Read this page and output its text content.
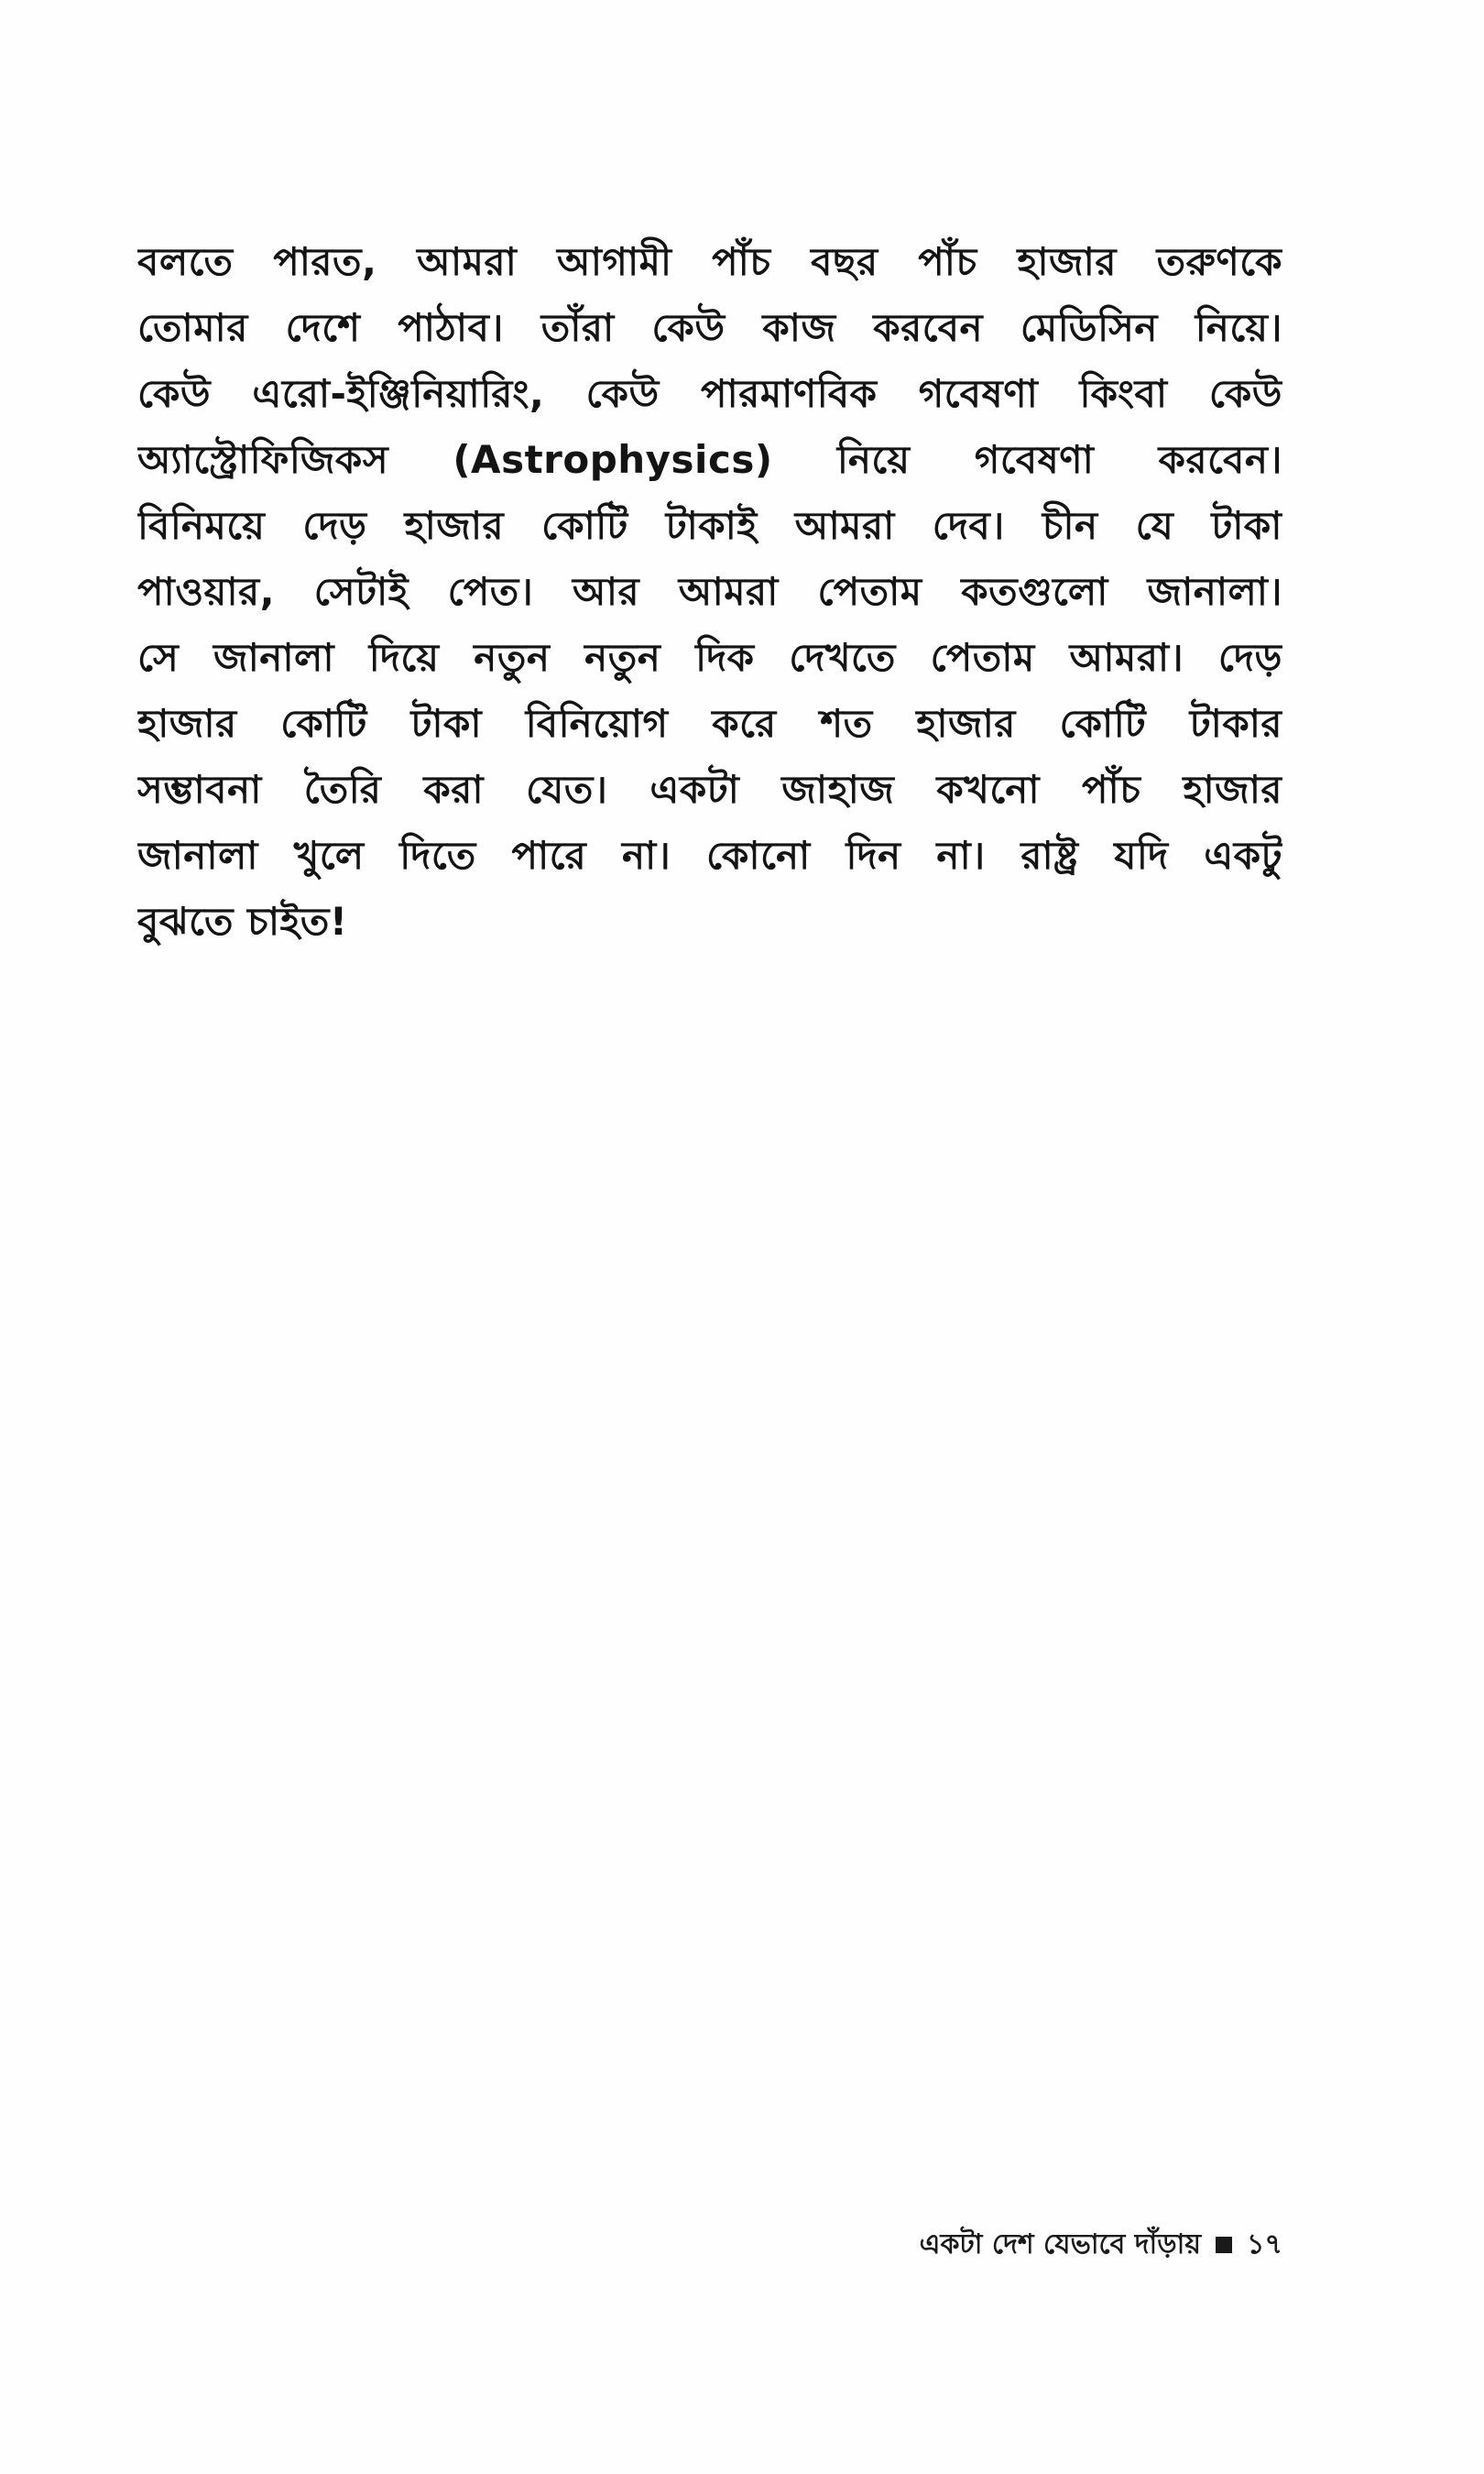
বলতে পারত, আমরা আগামী পাঁচ বছর পাঁচ হাজার তরুণকে
তোমার দেশে পাঠাব। তাঁরা কেউ কাজ করবেন মেডিসিন নিয়ে।
কেউ এরো-ইঞ্জিনিয়ারিং, কেউ পারমাণবিক গবেষণা কিংবা কেউ
অ্যাস্ট্রোফিজিকস (Astrophysics) নিয়ে গবেষণা করবেন।
বিনিময়ে দেড় হাজার কোটি টাকাই আমরা দেব। চীন যে টাকা
পাওয়ার, সেটাই পেত। আর আমরা পেতাম কতগুলো জানালা।
সে জানালা দিয়ে নতুন নতুন দিক দেখতে পেতাম আমরা। দেড়
হাজার কোটি টাকা বিনিয়োগ করে শত হাজার কোটি টাকার
সম্ভাবনা তৈরি করা যেত। একটা জাহাজ কখনো পাঁচ হাজার
জানালা খুলে দিতে পারে না। কোনো দিন না। রাষ্ট্র যদি একটু
বুঝতে চাইত!
একটা দেশ যেভাবে দাঁড়ায় ১৭
